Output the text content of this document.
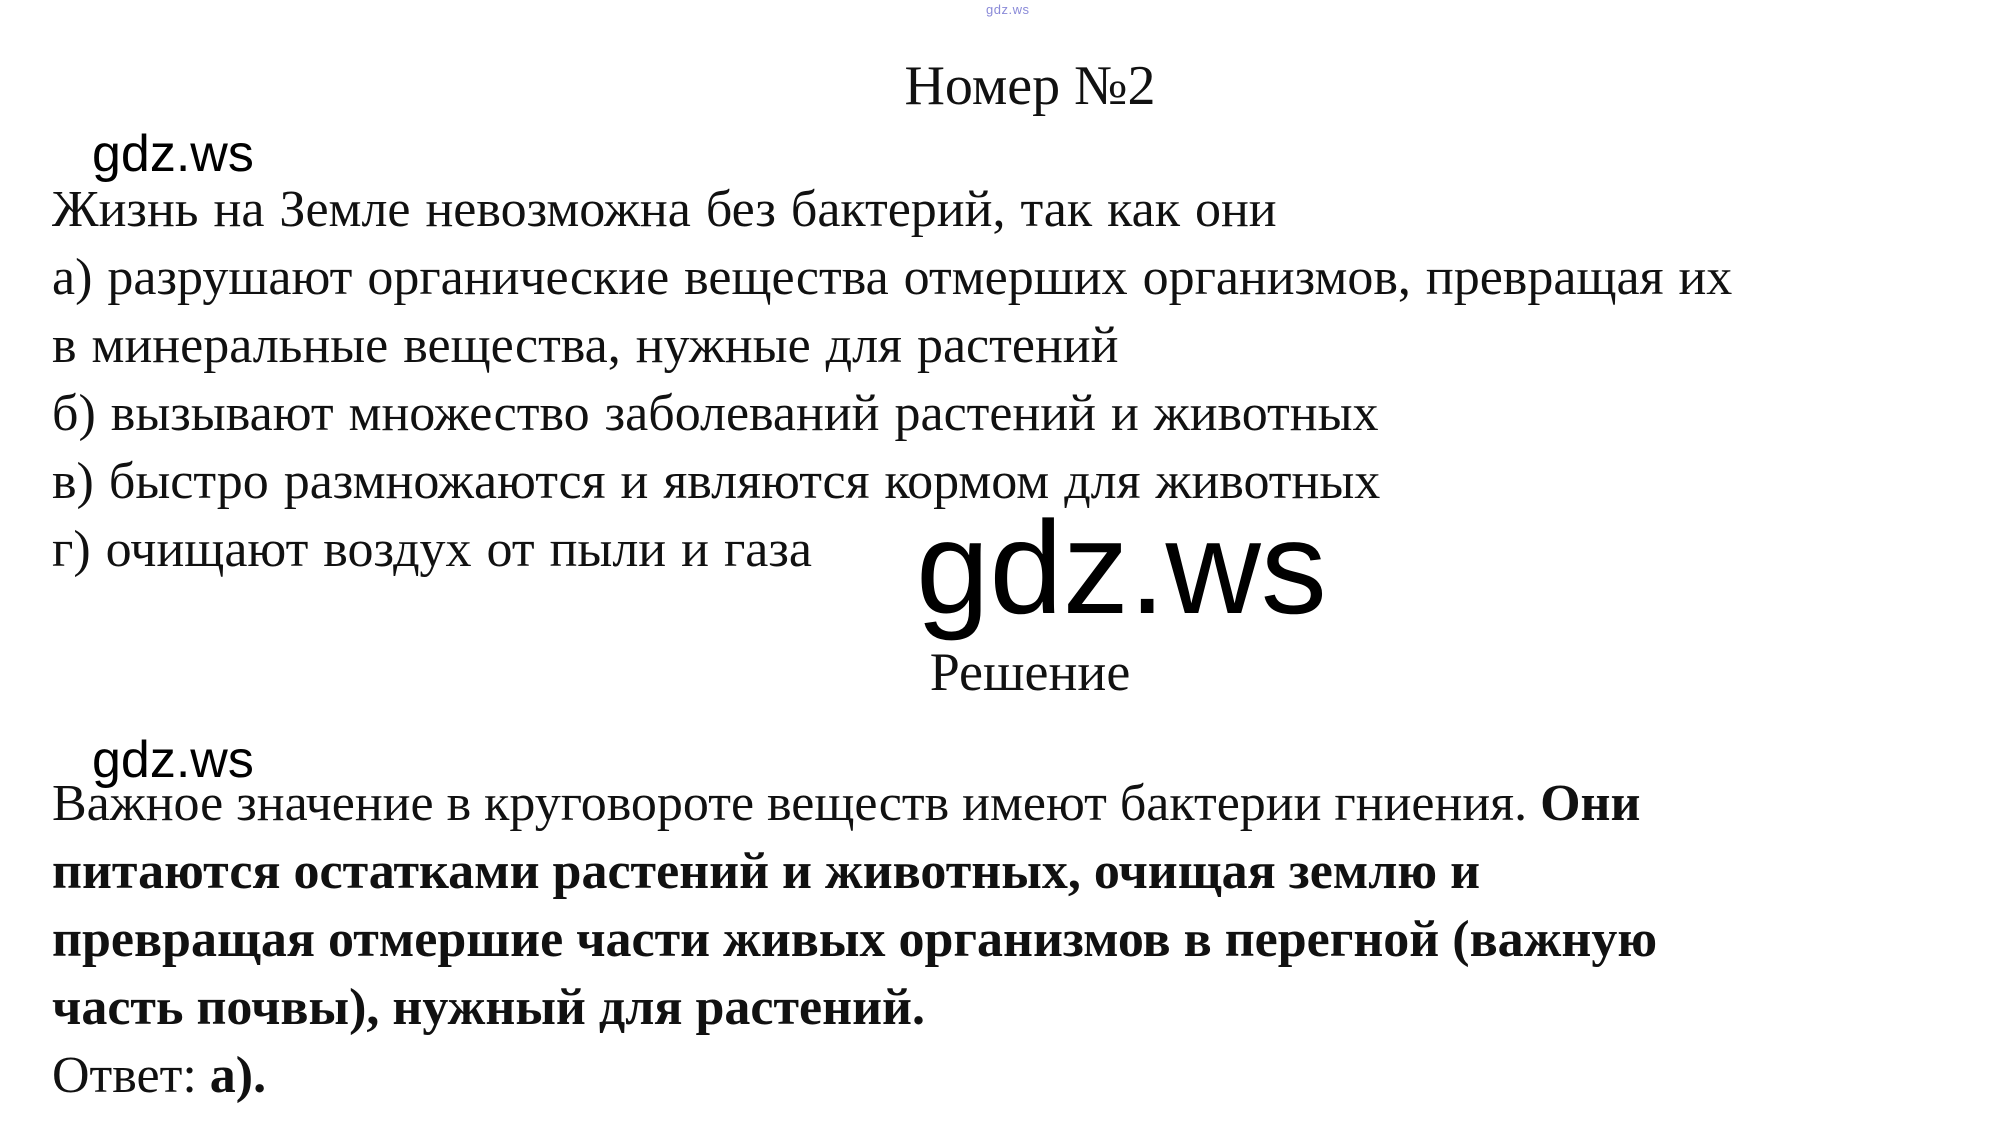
gdz.ws
Номер №2
gdz.ws
Жизнь на Земле невозможна без бактерий, так как они
а) разрушают органические вещества отмерших организмов, превращая их
в минеральные вещества, нужные для растений
б) вызывают множество заболеваний растений и животных
в) быстро размножаются и являются кормом для животных
г) очищают воздух от пыли и газа gdz.ws
Решение
gdz.ws
Важное значение в круговороте веществ имеют бактерии гниения. Они
питаются остатками растений и животных, очищая землю и
превращая отмершие части живых организмов в перегной (важную
часть почвы), нужный для растений.
Ответ: а).
